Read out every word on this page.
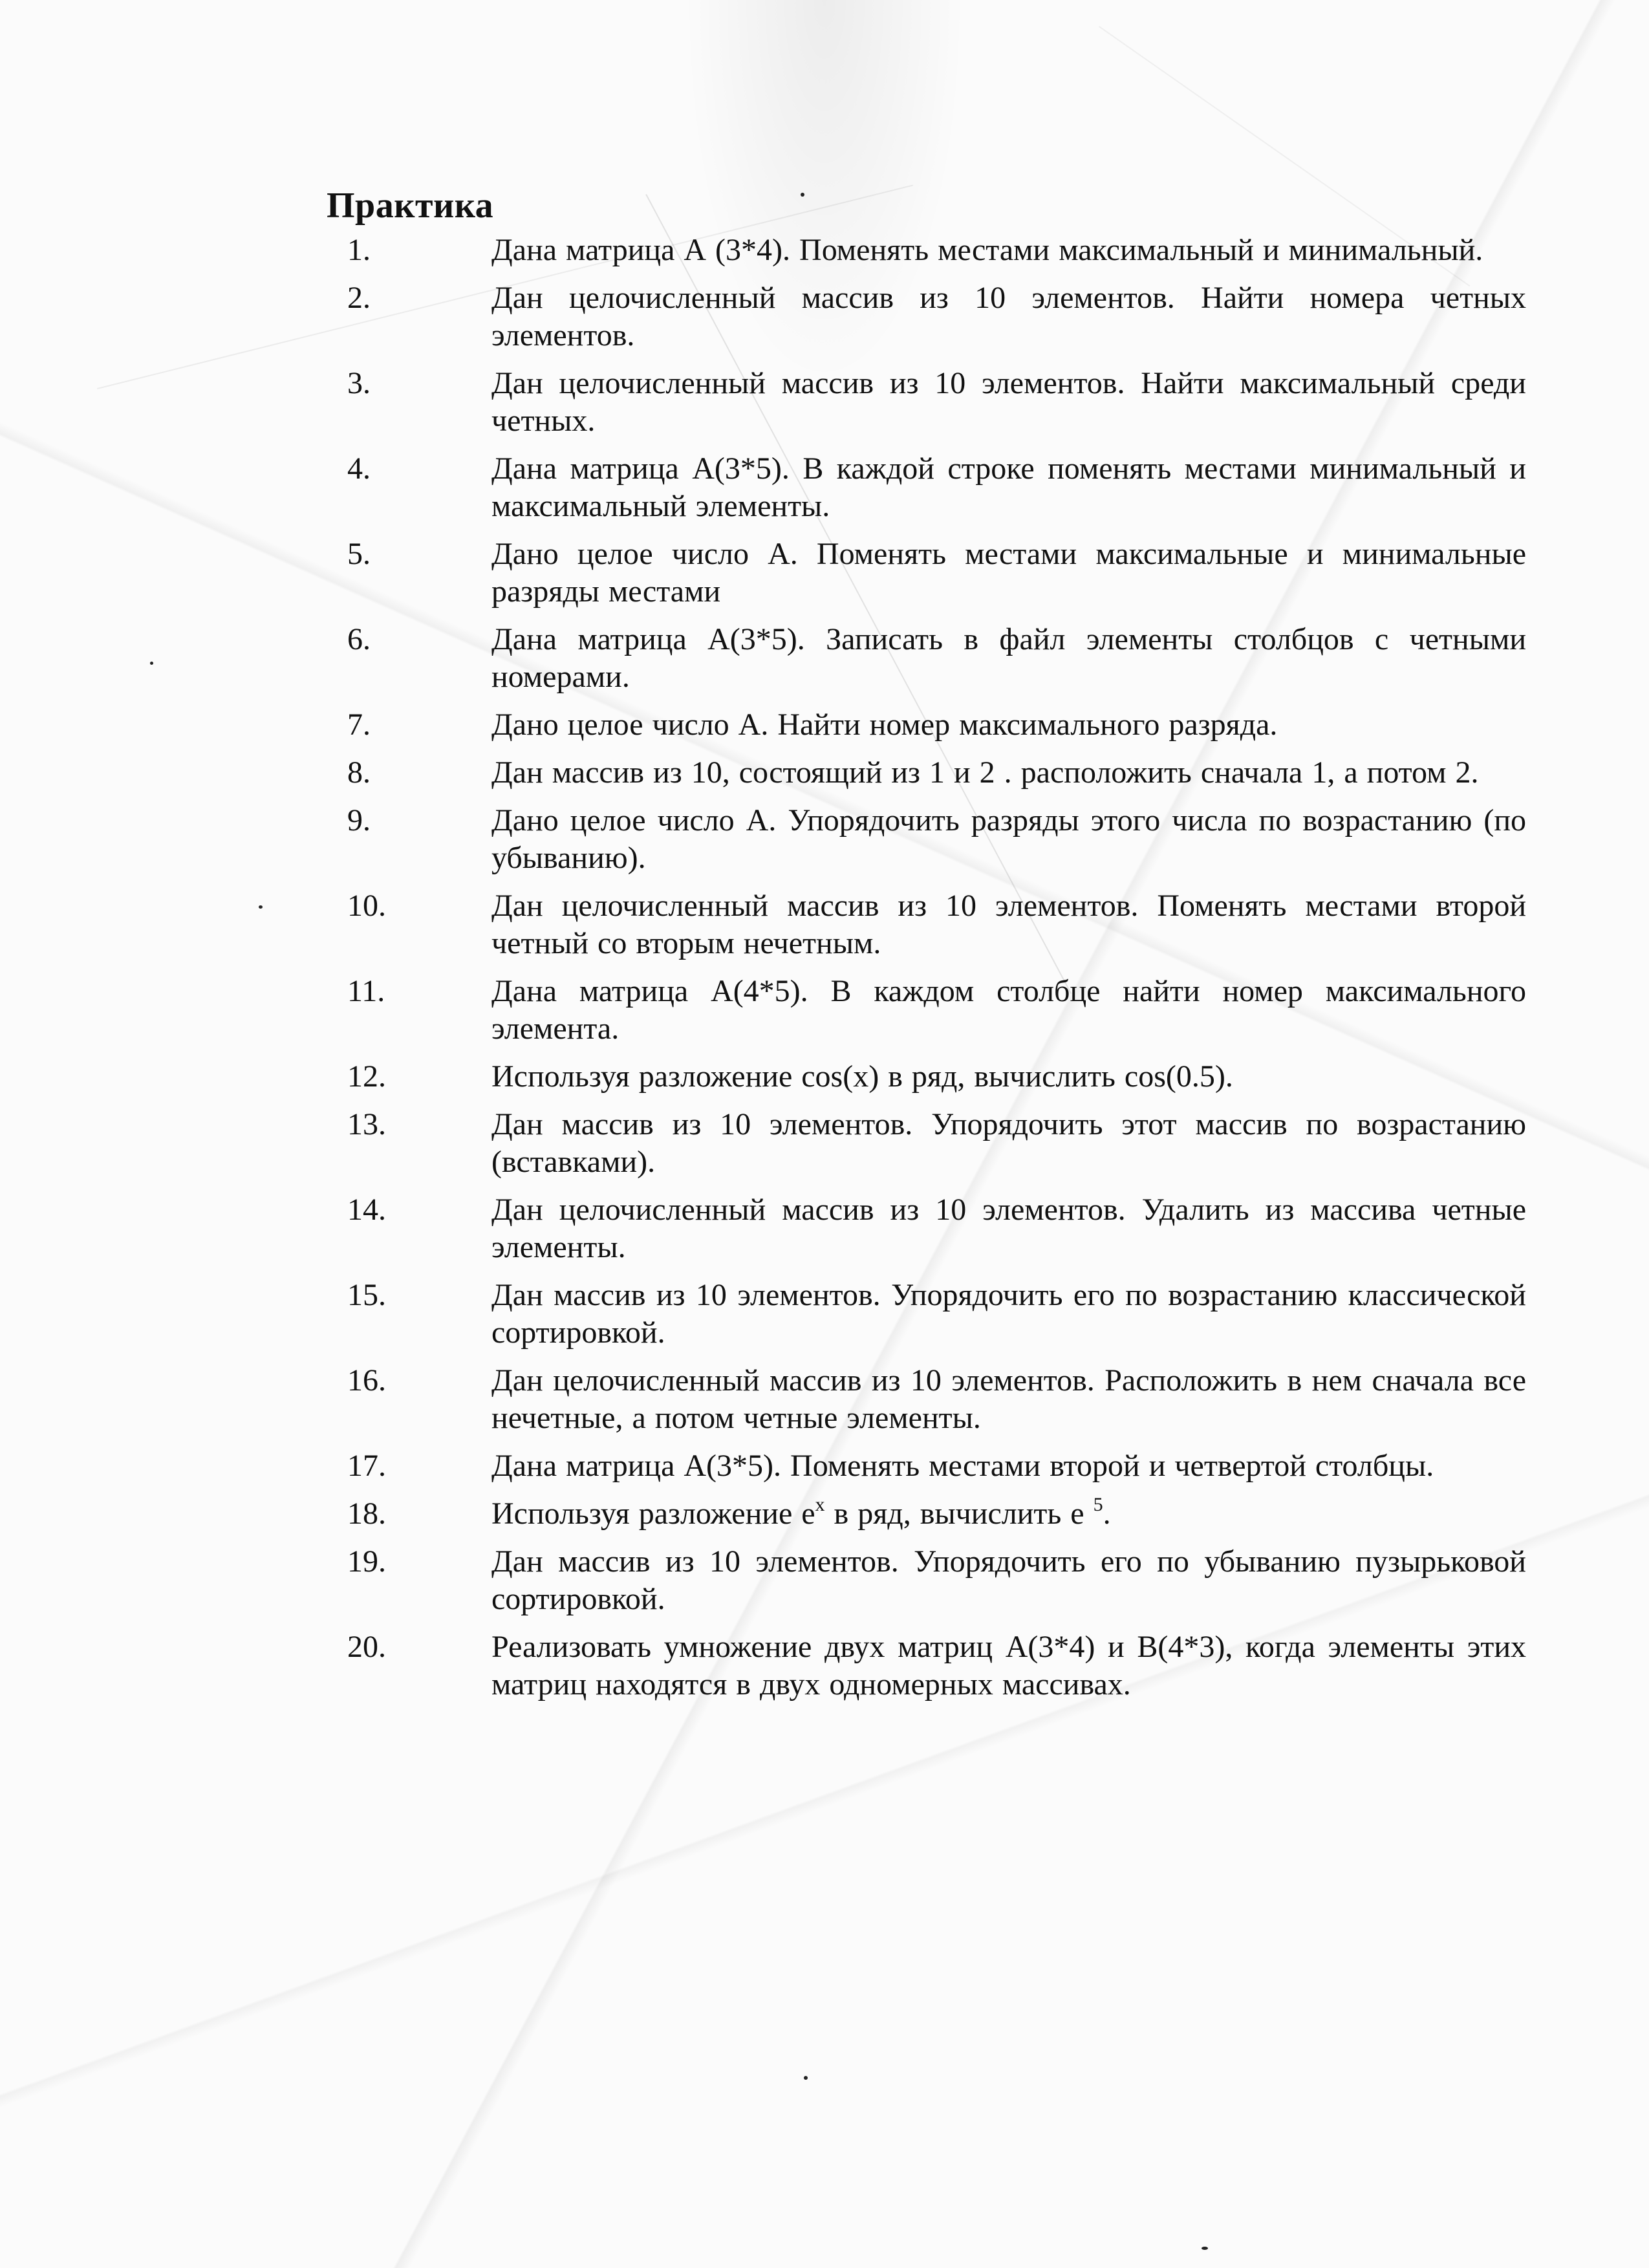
Практика
1.	Дана матрица А (3*4). Поменять местами максимальный и минимальный.
2.	Дан целочисленный массив из 10 элементов. Найти номера четных элементов.
3.	Дан целочисленный массив из 10 элементов. Найти максимальный среди четных.
4.	Дана матрица А(3*5). В каждой строке поменять местами минимальный и максимальный элементы.
5.	Дано целое число А. Поменять местами максимальные и минимальные разряды местами
6.	Дана матрица А(3*5). Записать в файл элементы столбцов с четными номерами.
7.	Дано целое число А. Найти номер максимального разряда.
8.	Дан массив из 10, состоящий из 1 и 2 . расположить сначала 1, а потом 2.
9.	Дано целое число А. Упорядочить разряды этого числа по возрастанию (по убыванию).
10.	Дан целочисленный массив из 10 элементов. Поменять местами второй четный со вторым нечетным.
11.	Дана матрица А(4*5). В каждом столбце найти номер максимального элемента.
12.	Используя разложение cos(x) в ряд, вычислить cos(0.5).
13.	Дан массив из 10 элементов. Упорядочить этот массив по возрастанию (вставками).
14.	Дан целочисленный массив из 10 элементов. Удалить из массива четные элементы.
15.	Дан массив из 10 элементов. Упорядочить его по возрастанию классической сортировкой.
16.	Дан целочисленный массив из 10 элементов. Расположить в нем сначала все нечетные, а потом четные элементы.
17.	Дана матрица А(3*5). Поменять местами второй и четвертой столбцы.
18.	Используя разложение $e^x$ в ряд, вычислить e $^5$.
19.	Дан массив из 10 элементов. Упорядочить его по убыванию пузырьковой сортировкой.
20.	Реализовать умножение двух матриц А(3*4) и В(4*3), когда элементы этих матриц находятся в двух одномерных массивах.
